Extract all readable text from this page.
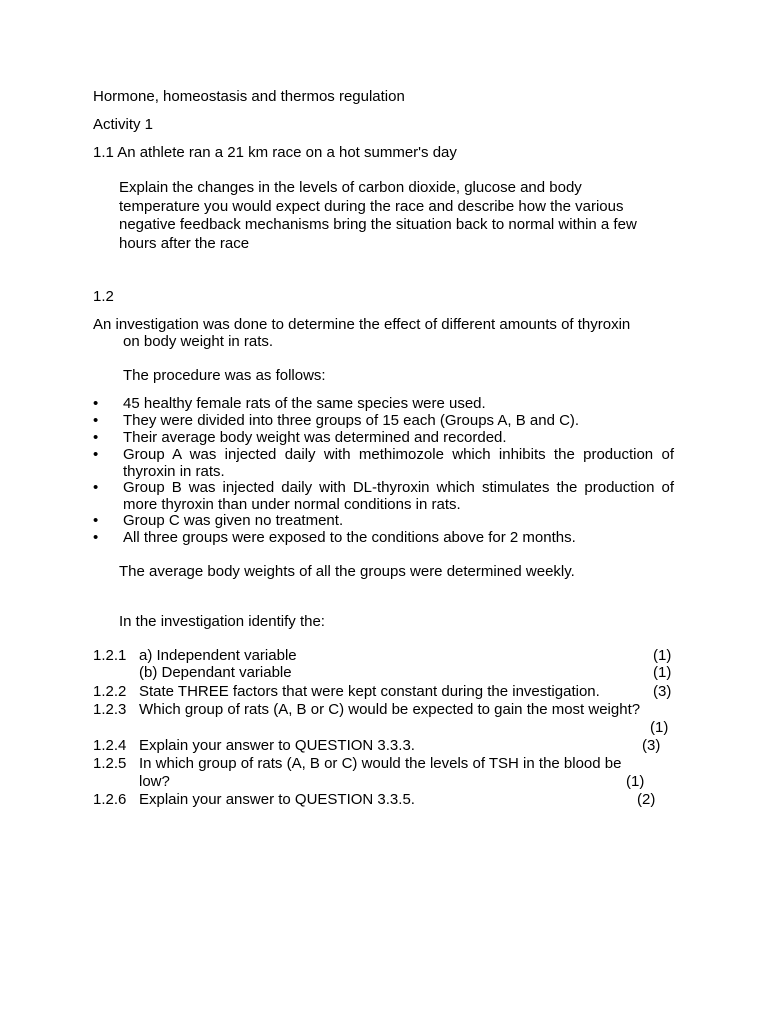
Hormone, homeostasis and thermos regulation
Activity 1
1.1 An athlete ran a 21 km race on a hot summer's day
Explain the changes in the levels of carbon dioxide, glucose and body
temperature you would expect during the race and describe how the various
negative feedback mechanisms bring the situation back to normal within a few
hours after the race
1.2
An investigation was done to determine the effect of different amounts of thyroxin
on body weight in rats.
The procedure was as follows:
• 45 healthy female rats of the same species were used.
• They were divided into three groups of 15 each (Groups A, B and C).
• Their average body weight was determined and recorded.
• Group A was injected daily with methimozole which inhibits the production of thyroxin in rats.
• Group B was injected daily with DL-thyroxin which stimulates the production of more thyroxin than under normal conditions in rats.
• Group C was given no treatment.
• All three groups were exposed to the conditions above for 2 months.
The average body weights of all the groups were determined weekly.
In the investigation identify the:
1.2.1 a) Independent variable	(1)
(b) Dependant variable	(1)
1.2.2 State THREE factors that were kept constant during the investigation.	(3)
1.2.3 Which group of rats (A, B or C) would be expected to gain the most weight?
(1)
1.2.4 Explain your answer to QUESTION 3.3.3.	(3)
1.2.5 In which group of rats (A, B or C) would the levels of TSH in the blood be
low?	(1)
1.2.6 Explain your answer to QUESTION 3.3.5.	(2)
